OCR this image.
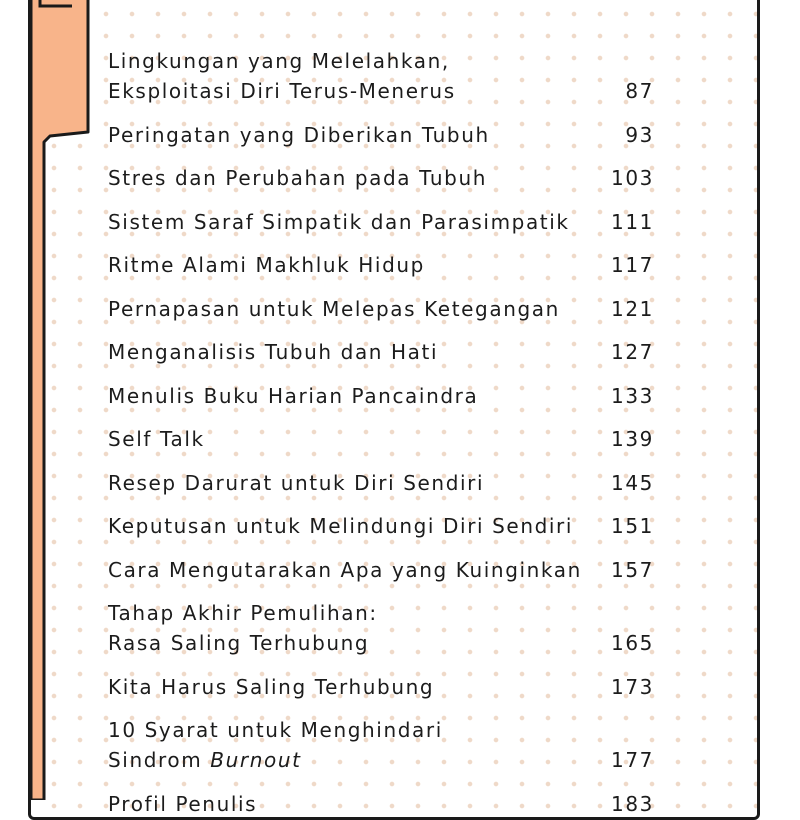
Lingkungan yang Melelahkan,
Eksploitasi Diri Terus-Menerus	87
Peringatan yang Diberikan Tubuh	93
Stres dan Perubahan pada Tubuh	103
Sistem Saraf Simpatik dan Parasimpatik	111
Ritme Alami Makhluk Hidup	117
Pernapasan untuk Melepas Ketegangan	121
Menganalisis Tubuh dan Hati	127
Menulis Buku Harian Pancaindra	133
Self Talk	139
Resep Darurat untuk Diri Sendiri	145
Keputusan untuk Melindungi Diri Sendiri	151
Cara Mengutarakan Apa yang Kuinginkan	157
Tahap Akhir Pemulihan:
Rasa Saling Terhubung	165
Kita Harus Saling Terhubung	173
10 Syarat untuk Menghindari
Sindrom Burnout	177
Profil Penulis	183
